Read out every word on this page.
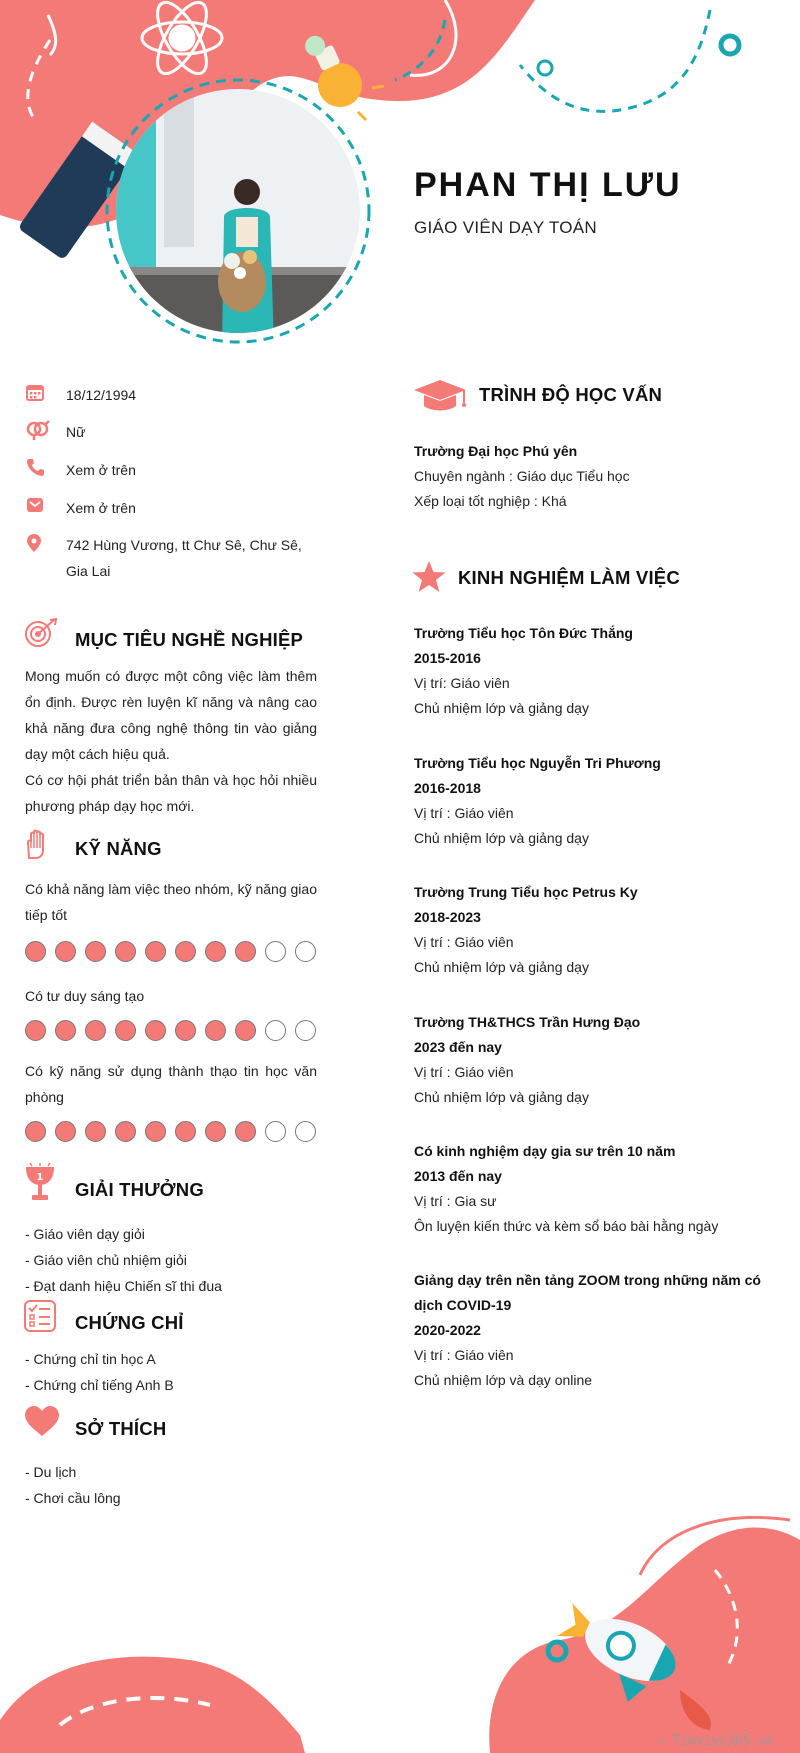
PHAN THỊ LƯU
GIÁO VIÊN DẠY TOÁN
18/12/1994
Nữ
Xem ở trên
Xem ở trên
742 Hùng Vương, tt Chư Sê, Chư Sê, Gia Lai
MỤC TIÊU NGHỀ NGHIỆP
Mong muốn có được một công việc làm thêm ổn định. Được rèn luyện kĩ năng và nâng cao khả năng đưa công nghệ thông tin vào giảng dạy một cách hiệu quả.
Có cơ hội phát triển bản thân và học hỏi nhiều phương pháp dạy học mới.
KỸ NĂNG
Có khả năng làm việc theo nhóm, kỹ năng giao tiếp tốt
Có tư duy sáng tạo
Có kỹ năng sử dụng thành thạo tin học văn phòng
1
GIẢI THƯỞNG
- Giáo viên dạy giỏi
- Giáo viên chủ nhiệm giỏi
- Đạt danh hiệu Chiến sĩ thi đua
CHỨNG CHỈ
- Chứng chỉ tin học A
- Chứng chỉ tiếng Anh B
SỞ THÍCH
- Du lịch
- Chơi cầu lông
TRÌNH ĐỘ HỌC VẤN
Trường Đại học Phú yên
Chuyên ngành : Giáo dục Tiểu học
Xếp loại tốt nghiệp : Khá
KINH NGHIỆM LÀM VIỆC
Trường Tiểu học Tôn Đức Thắng
2015-2016
Vị trí: Giáo viên
Chủ nhiệm lớp và giảng dạy
Trường Tiểu học Nguyễn Tri Phương
2016-2018
Vị trí : Giáo viên
Chủ nhiệm lớp và giảng dạy
Trường Trung Tiểu học Petrus Ky
2018-2023
Vị trí : Giáo viên
Chủ nhiệm lớp và giảng dạy
Trường TH&THCS Trần Hưng Đạo
2023 đến nay
Vị trí : Giáo viên
Chủ nhiệm lớp và giảng dạy
Có kinh nghiệm dạy gia sư trên 10 năm
2013 đến nay
Vị trí : Gia sư
Ôn luyện kiến thức và kèm sổ báo bài hằng ngày
Giảng dạy trên nền tảng ZOOM trong những năm có dịch COVID-19
2020-2022
Vị trí : Giáo viên
Chủ nhiệm lớp và dạy online
∴ Timviec365.vn
